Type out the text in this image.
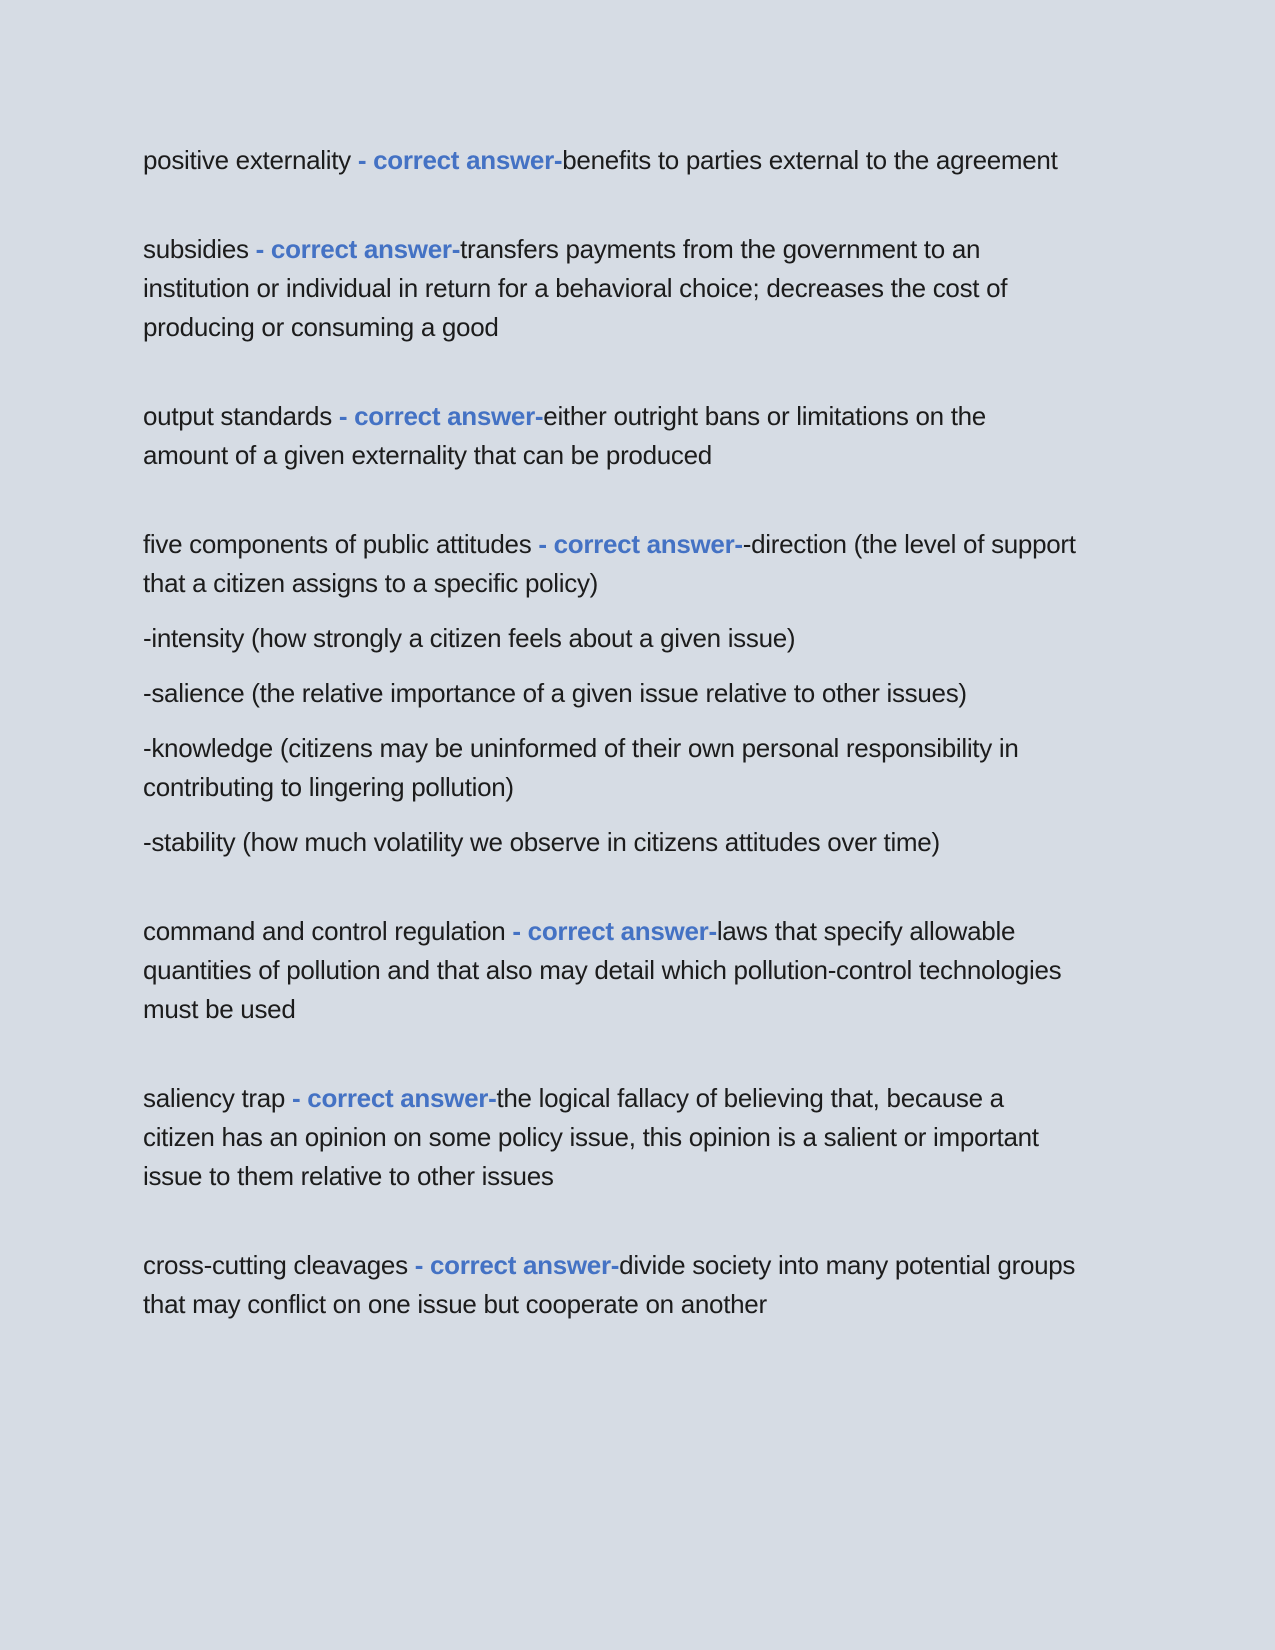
positive externality - correct answer-benefits to parties external to the agreement

subsidies - correct answer-transfers payments from the government to an institution or individual in return for a behavioral choice; decreases the cost of producing or consuming a good

output standards - correct answer-either outright bans or limitations on the amount of a given externality that can be produced

five components of public attitudes - correct answer--direction (the level of support that a citizen assigns to a specific policy)

-intensity (how strongly a citizen feels about a given issue)

-salience (the relative importance of a given issue relative to other issues)

-knowledge (citizens may be uninformed of their own personal responsibility in contributing to lingering pollution)

-stability (how much volatility we observe in citizens attitudes over time)

command and control regulation - correct answer-laws that specify allowable quantities of pollution and that also may detail which pollution-control technologies must be used

saliency trap - correct answer-the logical fallacy of believing that, because a citizen has an opinion on some policy issue, this opinion is a salient or important issue to them relative to other issues

cross-cutting cleavages - correct answer-divide society into many potential groups that may conflict on one issue but cooperate on another
